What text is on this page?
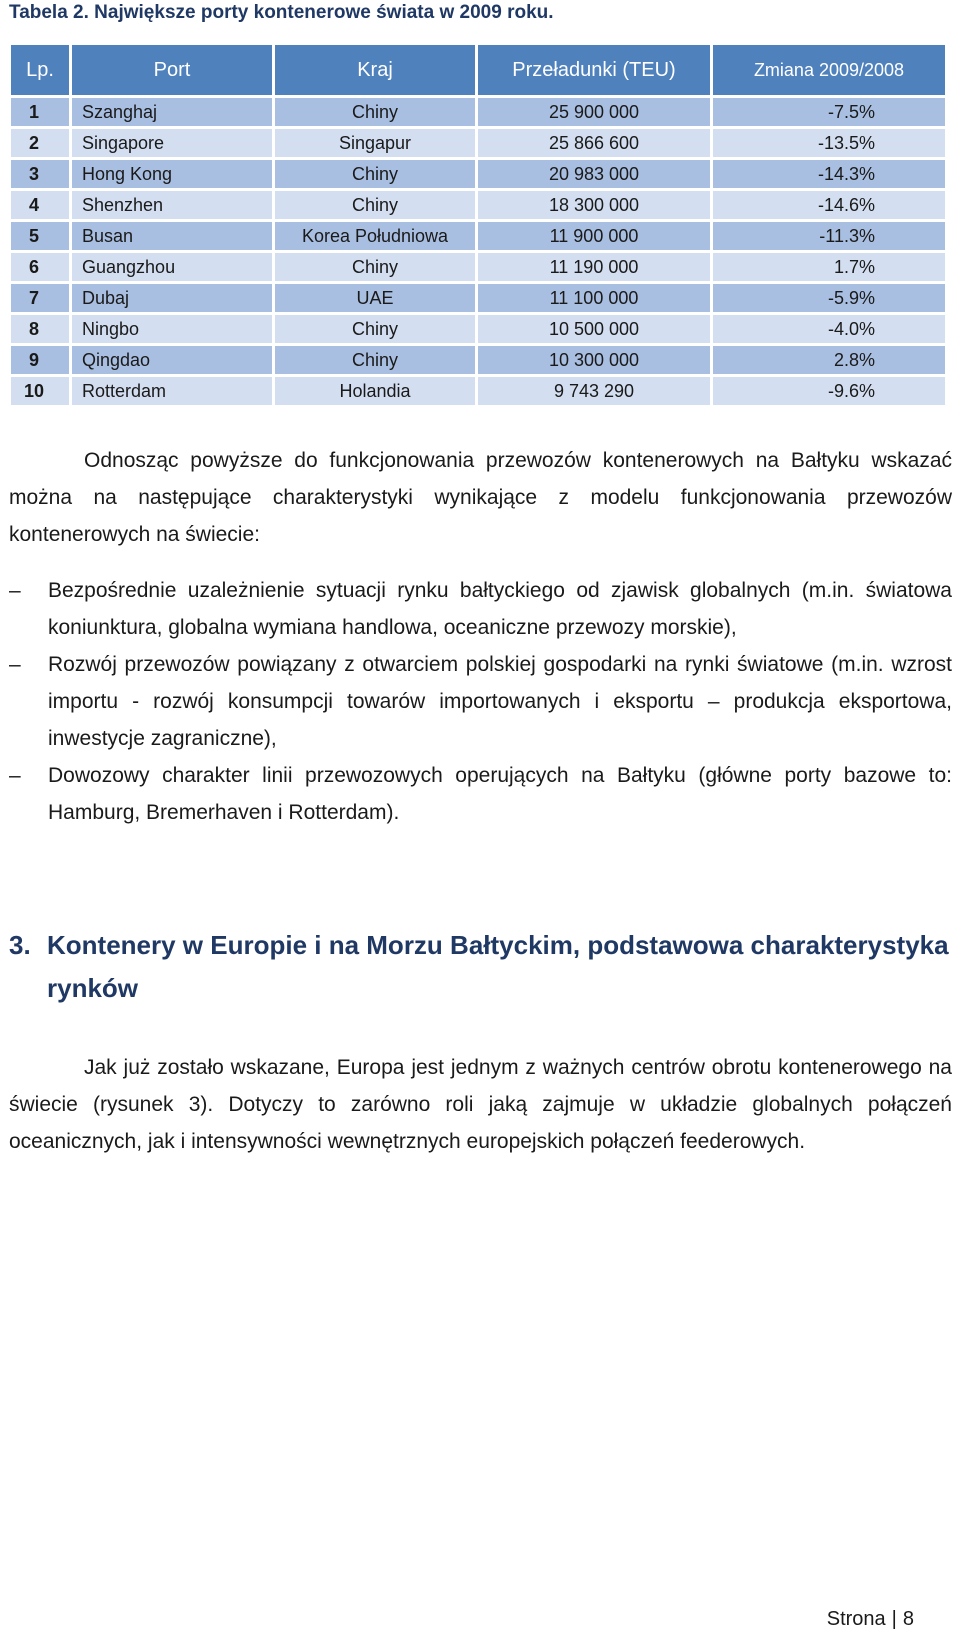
Tabela 2. Największe porty kontenerowe świata w 2009 roku.

Lp.	Port	Kraj	Przeładunki (TEU)	Zmiana 2009/2008
1	Szanghaj	Chiny	25 900 000	-7.5%
2	Singapore	Singapur	25 866 600	-13.5%
3	Hong Kong	Chiny	20 983 000	-14.3%
4	Shenzhen	Chiny	18 300 000	-14.6%
5	Busan	Korea Południowa	11 900 000	-11.3%
6	Guangzhou	Chiny	11 190 000	1.7%
7	Dubaj	UAE	11 100 000	-5.9%
8	Ningbo	Chiny	10 500 000	-4.0%
9	Qingdao	Chiny	10 300 000	2.8%
10	Rotterdam	Holandia	9 743 290	-9.6%

Odnosząc powyższe do funkcjonowania przewozów kontenerowych na Bałtyku wskazać można na następujące charakterystyki wynikające z modelu funkcjonowania przewozów kontenerowych na świecie:

– Bezpośrednie uzależnienie sytuacji rynku bałtyckiego od zjawisk globalnych (m.in. światowa koniunktura, globalna wymiana handlowa, oceaniczne przewozy morskie),
– Rozwój przewozów powiązany z otwarciem polskiej gospodarki na rynki światowe (m.in. wzrost importu - rozwój konsumpcji towarów importowanych i eksportu – produkcja eksportowa, inwestycje zagraniczne),
– Dowozowy charakter linii przewozowych operujących na Bałtyku (główne porty bazowe to: Hamburg, Bremerhaven i Rotterdam).
3. Kontenery w Europie i na Morzu Bałtyckim, podstawowa charakterystyka rynków

Jak już zostało wskazane, Europa jest jednym z ważnych centrów obrotu kontenerowego na świecie (rysunek 3). Dotyczy to zarówno roli jaką zajmuje w układzie globalnych połączeń oceanicznych, jak i intensywności wewnętrznych europejskich połączeń feederowych.

Strona | 8
